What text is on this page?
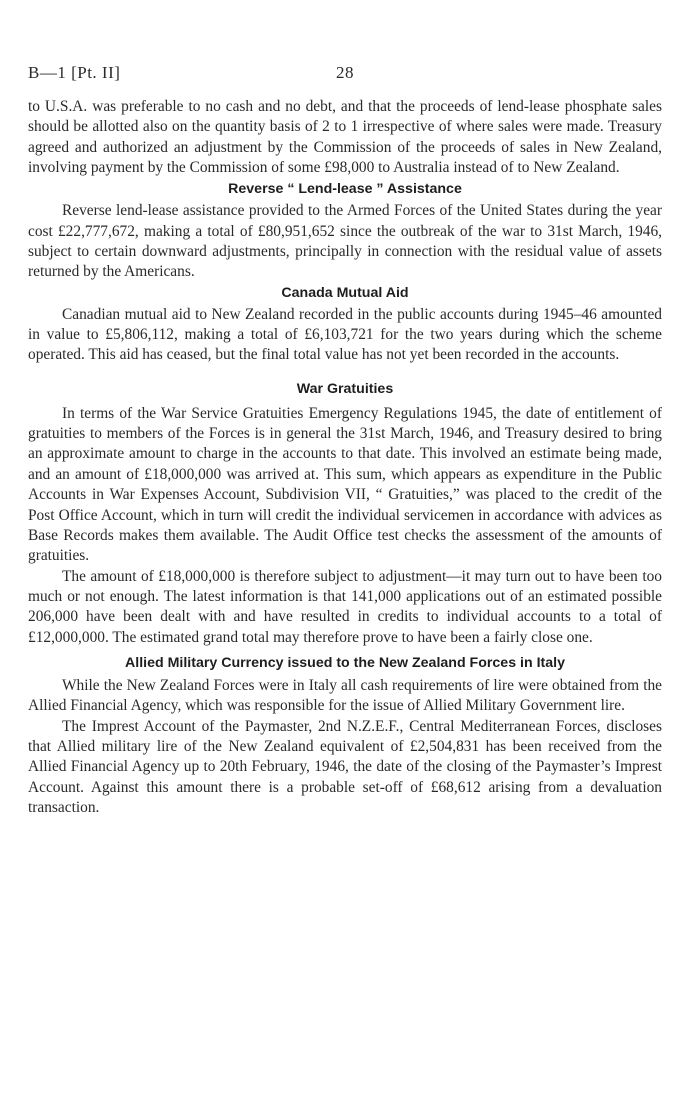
B—1 [Pt. II]	28

to U.S.A. was preferable to no cash and no debt, and that the proceeds of lend-lease phosphate sales should be allotted also on the quantity basis of 2 to 1 irrespective of where sales were made. Treasury agreed and authorized an adjustment by the Commission of the proceeds of sales in New Zealand, involving payment by the Commission of some £98,000 to Australia instead of to New Zealand.

Reverse “ Lend-lease ” Assistance

Reverse lend-lease assistance provided to the Armed Forces of the United States during the year cost £22,777,672, making a total of £80,951,652 since the outbreak of the war to 31st March, 1946, subject to certain downward adjustments, principally in connection with the residual value of assets returned by the Americans.

Canada Mutual Aid

Canadian mutual aid to New Zealand recorded in the public accounts during 1945–46 amounted in value to £5,806,112, making a total of £6,103,721 for the two years during which the scheme operated. This aid has ceased, but the final total value has not yet been recorded in the accounts.

War Gratuities

In terms of the War Service Gratuities Emergency Regulations 1945, the date of entitlement of gratuities to members of the Forces is in general the 31st March, 1946, and Treasury desired to bring an approximate amount to charge in the accounts to that date. This involved an estimate being made, and an amount of £18,000,000 was arrived at. This sum, which appears as expenditure in the Public Accounts in War Expenses Account, Subdivision VII, “ Gratuities,” was placed to the credit of the Post Office Account, which in turn will credit the individual servicemen in accordance with advices as Base Records makes them available. The Audit Office test checks the assessment of the amounts of gratuities.

The amount of £18,000,000 is therefore subject to adjustment—it may turn out to have been too much or not enough. The latest information is that 141,000 applications out of an estimated possible 206,000 have been dealt with and have resulted in credits to individual accounts to a total of £12,000,000. The estimated grand total may therefore prove to have been a fairly close one.

Allied Military Currency issued to the New Zealand Forces in Italy

While the New Zealand Forces were in Italy all cash requirements of lire were obtained from the Allied Financial Agency, which was responsible for the issue of Allied Military Government lire.

The Imprest Account of the Paymaster, 2nd N.Z.E.F., Central Mediterranean Forces, discloses that Allied military lire of the New Zealand equivalent of £2,504,831 has been received from the Allied Financial Agency up to 20th February, 1946, the date of the closing of the Paymaster’s Imprest Account. Against this amount there is a probable set-off of £68,612 arising from a devaluation transaction.
